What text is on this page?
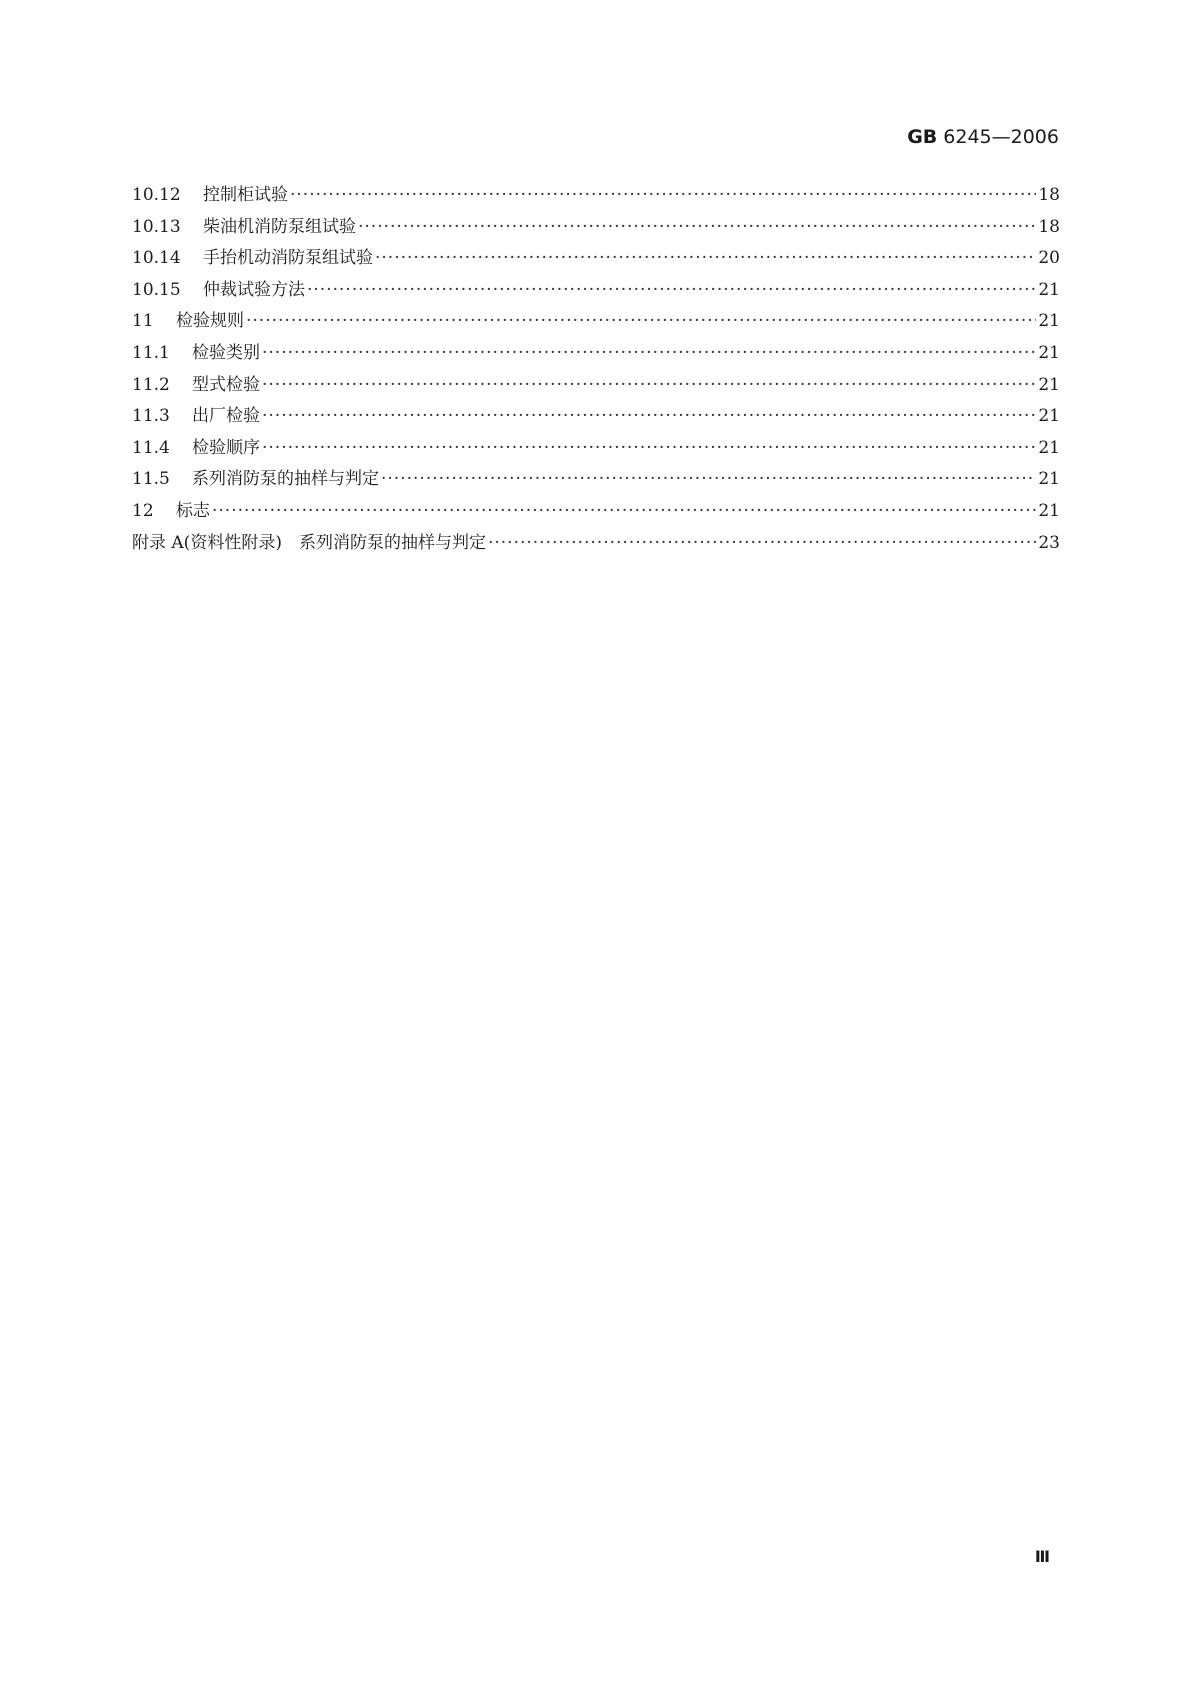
GB 6245—2006
10.12	控制柜试验 ·····	18
10.13	柴油机消防泵组试验 ·····	18
10.14	手抬机动消防泵组试验 ·····	20
10.15	仲裁试验方法 ·····	21
11	检验规则 ·····	21
11.1	检验类别 ·····	21
11.2	型式检验 ·····	21
11.3	出厂检验 ·····	21
11.4	检验顺序 ·····	21
11.5	系列消防泵的抽样与判定 ·····	21
12	标志 ·····	21
附录 A(资料性附录)　系列消防泵的抽样与判定 ·····	23
Ⅲ
